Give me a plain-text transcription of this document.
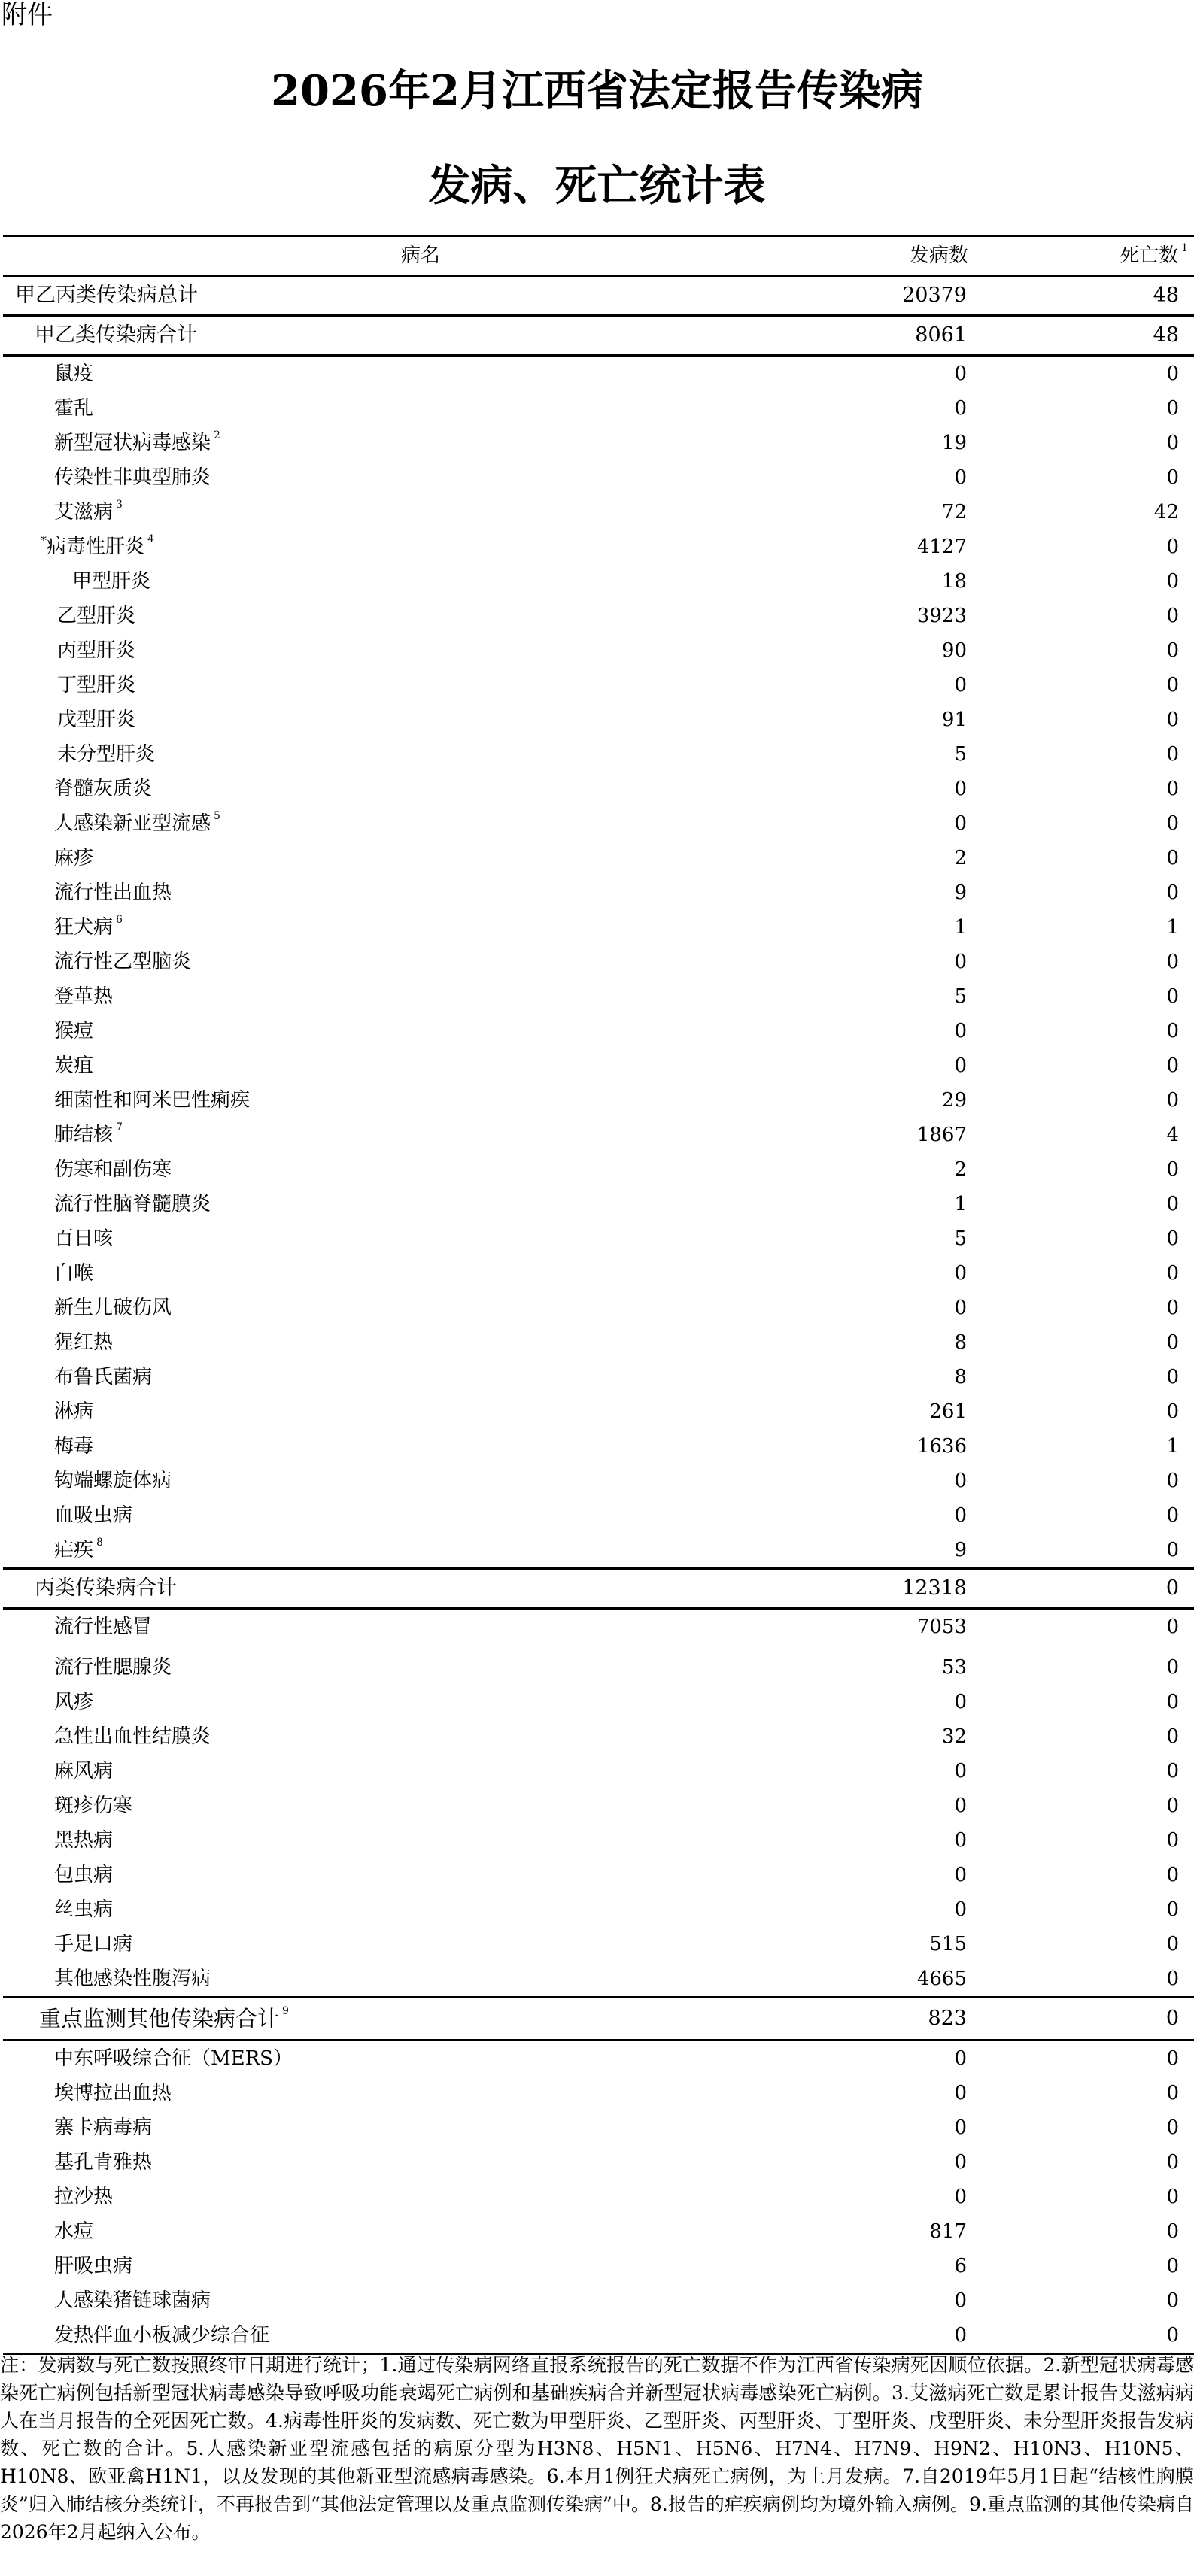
附件
2026年2月江西省法定报告传染病
发病、死亡统计表
病名	发病数	死亡数 $^1$
甲乙丙类传染病总计	20379	48
甲乙类传染病合计	8061	48
鼠疫	0	0
霍乱	0	0
新型冠状病毒感染 $^2$	19	0
传染性非典型肺炎	0	0
艾滋病 $^3$	72	42
*病毒性肝炎 $^4$	4127	0
甲型肝炎	18	0
乙型肝炎	3923	0
丙型肝炎	90	0
丁型肝炎	0	0
戊型肝炎	91	0
未分型肝炎	5	0
脊髓灰质炎	0	0
人感染新亚型流感 $^5$	0	0
麻疹	2	0
流行性出血热	9	0
狂犬病 $^6$	1	1
流行性乙型脑炎	0	0
登革热	5	0
猴痘	0	0
炭疽	0	0
细菌性和阿米巴性痢疾	29	0
肺结核 $^7$	1867	4
伤寒和副伤寒	2	0
流行性脑脊髓膜炎	1	0
百日咳	5	0
白喉	0	0
新生儿破伤风	0	0
猩红热	8	0
布鲁氏菌病	8	0
淋病	261	0
梅毒	1636	1
钩端螺旋体病	0	0
血吸虫病	0	0
疟疾 $^8$	9	0
丙类传染病合计	12318	0
流行性感冒	7053	0
流行性腮腺炎	53	0
风疹	0	0
急性出血性结膜炎	32	0
麻风病	0	0
斑疹伤寒	0	0
黑热病	0	0
包虫病	0	0
丝虫病	0	0
手足口病	515	0
其他感染性腹泻病	4665	0
重点监测其他传染病合计 $^9$	823	0
中东呼吸综合征（MERS）	0	0
埃博拉出血热	0	0
寨卡病毒病	0	0
基孔肯雅热	0	0
拉沙热	0	0
水痘	817	0
肝吸虫病	6	0
人感染猪链球菌病	0	0
发热伴血小板减少综合征	0	0
注：发病数与死亡数按照终审日期进行统计；1.通过传染病网络直报系统报告的死亡数据不作为江西省传染病死因顺位依据。2.新型冠状病毒感染死亡病例包括新型冠状病毒感染导致呼吸功能衰竭死亡病例和基础疾病合并新型冠状病毒感染死亡病例。3.艾滋病死亡数是累计报告艾滋病病人在当月报告的全死因死亡数。4.病毒性肝炎的发病数、死亡数为甲型肝炎、乙型肝炎、丙型肝炎、丁型肝炎、戊型肝炎、未分型肝炎报告发病数、死亡数的合计。5.人感染新亚型流感包括的病原分型为H3N8、H5N1、H5N6、H7N4、H7N9、H9N2、H10N3、H10N5、H10N8、欧亚禽H1N1，以及发现的其他新亚型流感病毒感染。6.本月1例狂犬病死亡病例，为上月发病。7.自2019年5月1日起“结核性胸膜炎”归入肺结核分类统计，不再报告到“其他法定管理以及重点监测传染病”中。8.报告的疟疾病例均为境外输入病例。9.重点监测的其他传染病自2026年2月起纳入公布。
